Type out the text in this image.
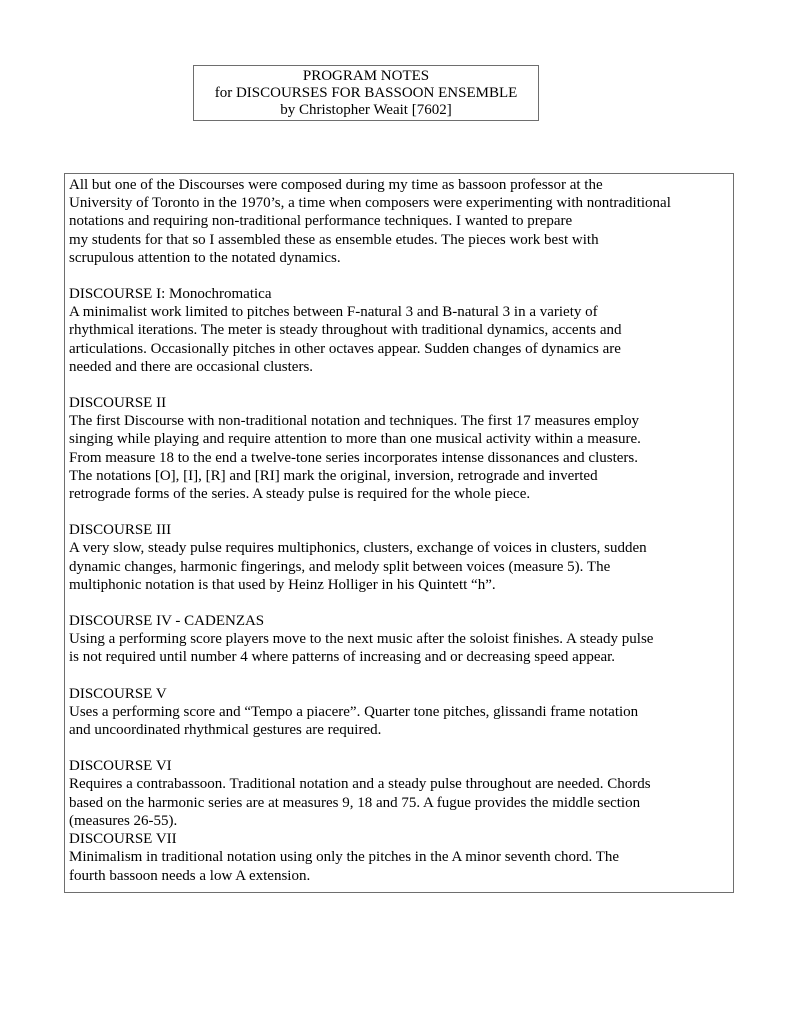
PROGRAM NOTES
for DISCOURSES FOR BASSOON ENSEMBLE
by Christopher Weait [7602]
All but one of the Discourses were composed during my time as bassoon professor at the
University of Toronto in the 1970’s, a time when composers were experimenting with nontraditional
notations and requiring non-traditional performance techniques. I wanted to prepare
my students for that so I assembled these as ensemble etudes. The pieces work best with
scrupulous attention to the notated dynamics.
DISCOURSE I: Monochromatica
A minimalist work limited to pitches between F-natural 3 and B-natural 3 in a variety of
rhythmical iterations. The meter is steady throughout with traditional dynamics, accents and
articulations. Occasionally pitches in other octaves appear. Sudden changes of dynamics are
needed and there are occasional clusters.
DISCOURSE II
The first Discourse with non-traditional notation and techniques. The first 17 measures employ
singing while playing and require attention to more than one musical activity within a measure.
From measure 18 to the end a twelve-tone series incorporates intense dissonances and clusters.
The notations [O], [I], [R] and [RI] mark the original, inversion, retrograde and inverted
retrograde forms of the series. A steady pulse is required for the whole piece.
DISCOURSE III
A very slow, steady pulse requires multiphonics, clusters, exchange of voices in clusters, sudden
dynamic changes, harmonic fingerings, and melody split between voices (measure 5). The
multiphonic notation is that used by Heinz Holliger in his Quintett “h”.
DISCOURSE IV - CADENZAS
Using a performing score players move to the next music after the soloist finishes. A steady pulse
is not required until number 4 where patterns of increasing and or decreasing speed appear.
DISCOURSE V
Uses a performing score and “Tempo a piacere”. Quarter tone pitches, glissandi frame notation
and uncoordinated rhythmical gestures are required.
DISCOURSE VI
Requires a contrabassoon. Traditional notation and a steady pulse throughout are needed. Chords
based on the harmonic series are at measures 9, 18 and 75. A fugue provides the middle section
(measures 26-55).
DISCOURSE VII
Minimalism in traditional notation using only the pitches in the A minor seventh chord. The
fourth bassoon needs a low A extension.
